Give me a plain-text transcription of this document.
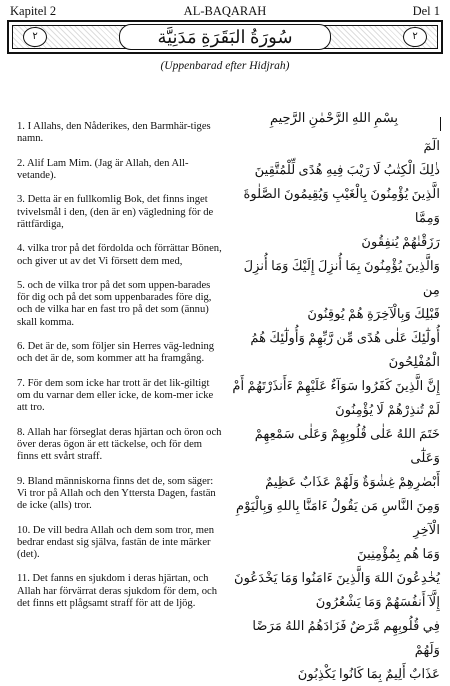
Kapitel 2	AL-BAQARAH	Del 1
۲	سُورَةُ البَقَرَةِ مَدَنِيَّة	۲
(Uppenbarad efter Hidjrah)

1. I Allahs, den Nåderikes, den Barmhär-tiges namn.

2. Alif Lam Mim. (Jag är Allah, den All-vetande).

3. Detta är en fullkomlig Bok, det finns inget tvivelsmål i den, (den är en) vägledning för de rättfärdiga,

4. vilka tror på det fördolda och förrättar Bönen, och giver ut av det Vi försett dem med,

5. och de vilka tror på det som uppen-barades för dig och på det som uppenbarades före dig, och de vilka har en fast tro på det som (ännu) skall komma.

6. Det är de, som följer sin Herres väg-ledning och det är de, som kommer att ha framgång.

7. För dem som icke har trott är det lik-giltigt om du varnar dem eller icke, de kom-mer icke att tro.

8. Allah har förseglat deras hjärtan och öron och över deras ögon är ett täckelse, och för dem finns ett svårt straff.

9. Bland människorna finns det de, som säger: Vi tror på Allah och den Yttersta Dagen, fastän de icke (alls) tror.

10. De vill bedra Allah och dem som tror, men bedrar endast sig själva, fastän de inte märker (det).

11. Det fanns en sjukdom i deras hjärtan, och Allah har förvärrat deras sjukdom för dem, och det finns ett plågsamt straff för att de ljög.

بِسْمِ اللهِ الرَّحْمٰنِ الرَّحِيمِ
الٓمٓ
ذٰلِكَ الْكِتٰبُ لَا رَيْبَ فِيهِ هُدًى لِّلْمُتَّقِينَ
الَّذِينَ يُؤْمِنُونَ بِالْغَيْبِ وَيُقِيمُونَ الصَّلٰوةَ وَمِمَّا
رَزَقْنٰهُمْ يُنفِقُونَ
وَالَّذِينَ يُؤْمِنُونَ بِمَا أُنزِلَ إِلَيْكَ وَمَا أُنزِلَ مِن
قَبْلِكَ وَبِالْآخِرَةِ هُمْ يُوقِنُونَ
أُولٰٓئِكَ عَلٰى هُدًى مِّن رَّبِّهِمْ وَأُولٰٓئِكَ هُمُ
الْمُفْلِحُونَ
إِنَّ الَّذِينَ كَفَرُوا سَوَآءٌ عَلَيْهِمْ ءَأَنذَرْتَهُمْ أَمْ
لَمْ تُنذِرْهُمْ لَا يُؤْمِنُونَ
خَتَمَ اللهُ عَلٰى قُلُوبِهِمْ وَعَلٰى سَمْعِهِمْ وَعَلٰٓى
أَبْصٰرِهِمْ غِشٰوَةٌ وَلَهُمْ عَذَابٌ عَظِيمٌ
وَمِنَ النَّاسِ مَن يَقُولُ ءَامَنَّا بِاللهِ وَبِالْيَوْمِ الْآخِرِ
وَمَا هُم بِمُؤْمِنِينَ
يُخٰدِعُونَ اللهَ وَالَّذِينَ ءَامَنُوا وَمَا يَخْدَعُونَ
إِلَّآ أَنفُسَهُمْ وَمَا يَشْعُرُونَ
فِي قُلُوبِهِم مَّرَضٌ فَزَادَهُمُ اللهُ مَرَضًا وَلَهُمْ
عَذَابٌ أَلِيمٌ بِمَا كَانُوا يَكْذِبُونَ
